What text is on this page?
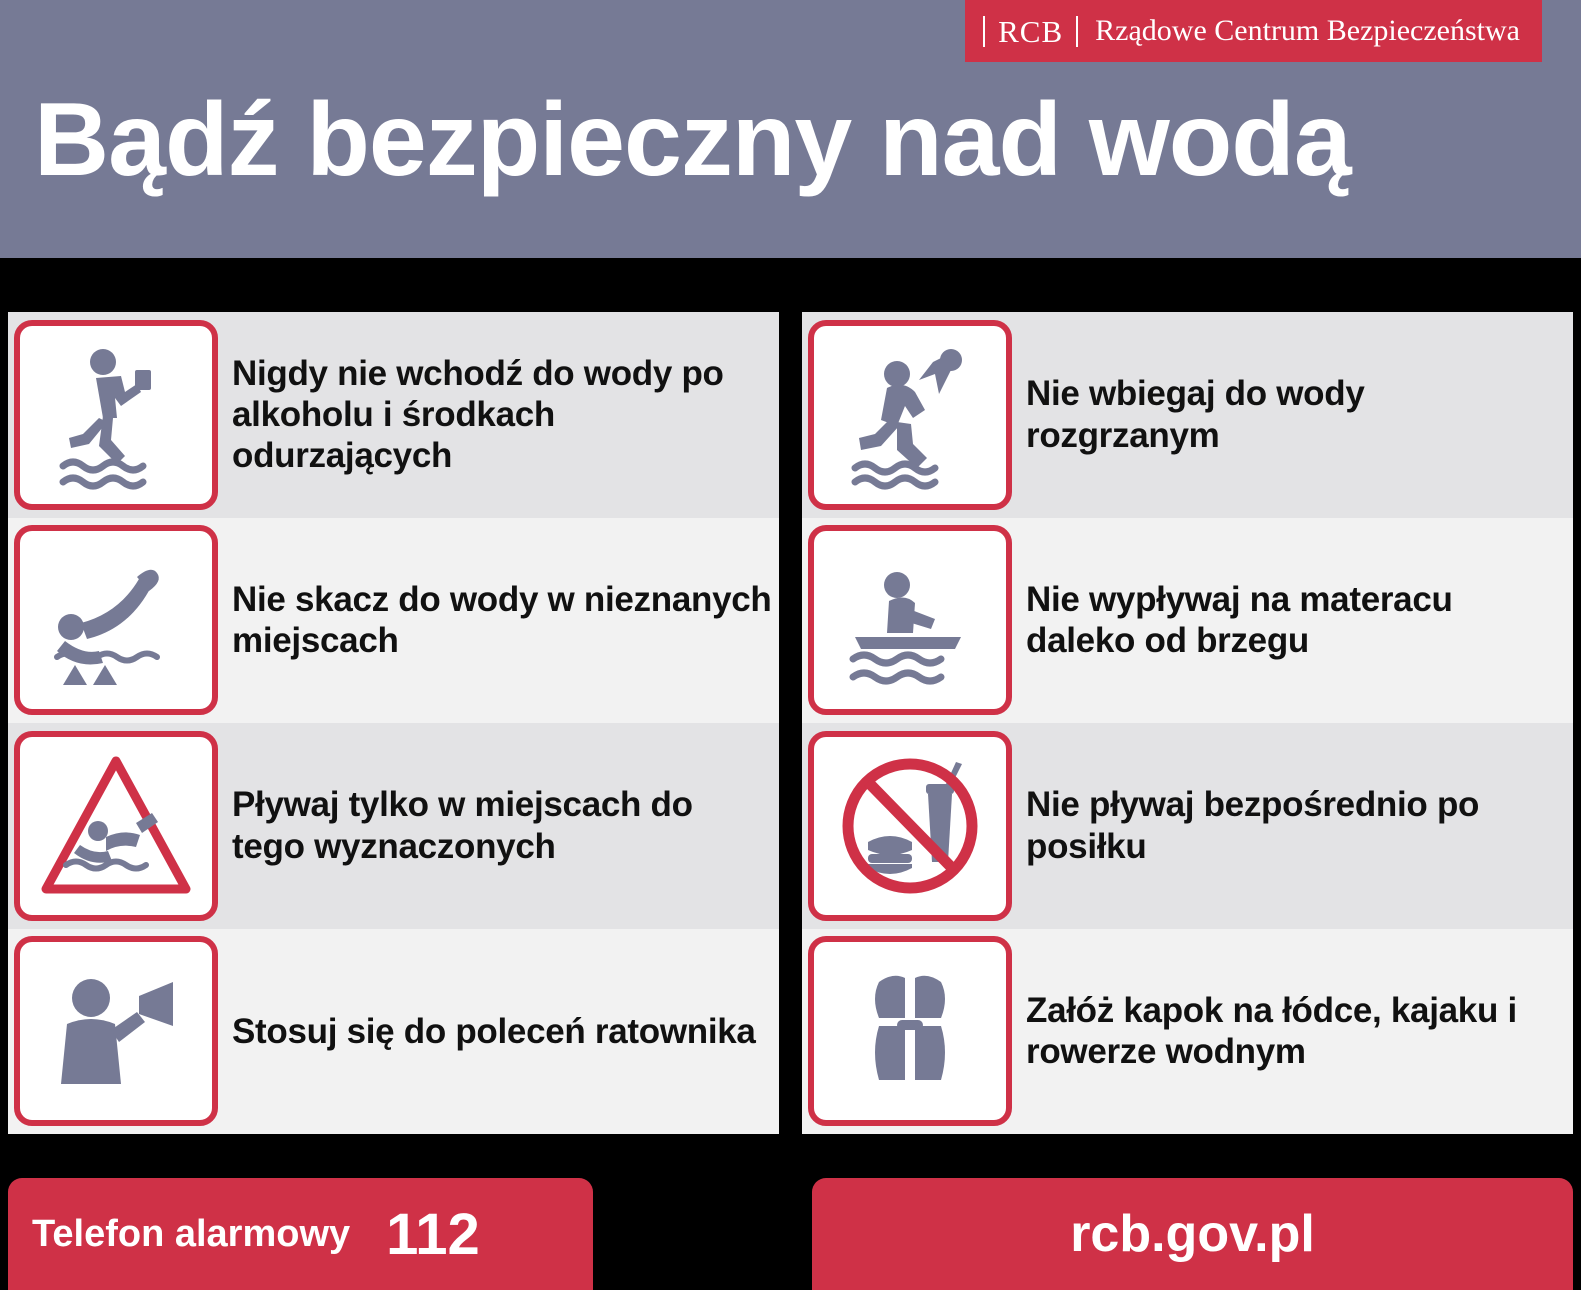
RCB	Rządowe Centrum Bezpieczeństwa
Bądź bezpieczny nad wodą
Nigdy nie wchodź do wody po alkoholu i środkach odurzających
Nie skacz do wody w nieznanych miejscach
Pływaj tylko w miejscach do tego wyznaczonych
Stosuj się do poleceń ratownika
Nie wbiegaj do wody rozgrzanym
Nie wypływaj na materacu daleko od brzegu
Nie pływaj bezpośrednio po posiłku
Załóż kapok na łódce, kajaku i rowerze wodnym
Telefon alarmowy 112	rcb.gov.pl
